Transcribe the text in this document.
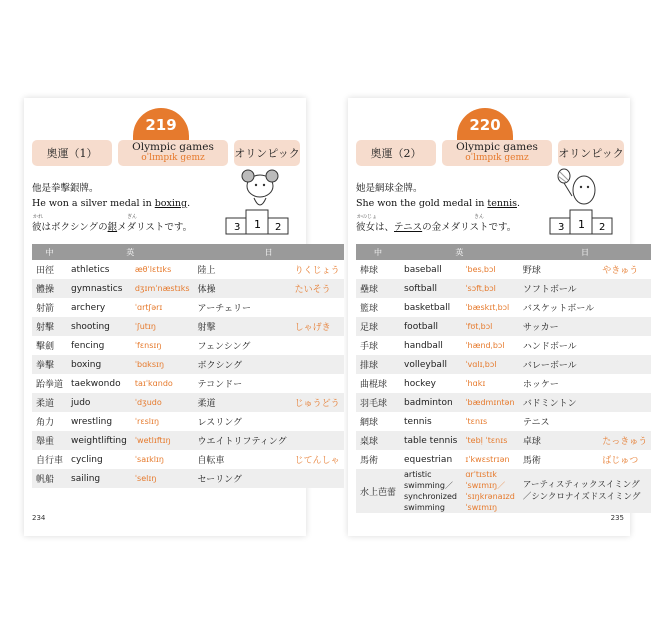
219
奧運（1）	Olympic games
oˈlɪmpɪk gemz	オリンピック
他是拳擊銀牌。
He won a silver medal in boxing.
かれ	ぎん
彼はボクシングの銀メダリストです。	3 1 2
中	英		日	
田徑	athletics	æθˈlɛtɪks	陸上	りくじょう
體操	gymnastics	dʒɪmˈnæstɪks	体操	たいそう
射箭	archery	ˈɑrtʃərɪ	アーチェリー	
射擊	shooting	ˈʃutɪŋ	射撃	しゃげき
擊劍	fencing	ˈfɛnsɪŋ	フェンシング	
拳擊	boxing	ˈbɑksɪŋ	ボクシング	
跆拳道	taekwondo	taɪˈkɑndo	テコンドー	
柔道	judo	ˈdʒudo	柔道	じゅうどう
角力	wrestling	ˈrɛslɪŋ	レスリング	
舉重	weightlifting	ˈwetlɪftɪŋ	ウエイトリフティング	
自行車	cycling	ˈsaɪklɪŋ	自転車	じてんしゃ
帆船	sailing	ˈselɪŋ	セーリング	
234
220
奧運（2）	Olympic games
oˈlɪmpɪk gemz	オリンピック
她是網球金牌。
She won the gold medal in tennis.
かのじょ	きん
彼女は、テニスの金メダリストです。	3 1 2
中	英		日	
棒球	baseball	ˈbesˌbɔl	野球	やきゅう
壘球	softball	ˈsɔftˌbɔl	ソフトボール	
籃球	basketball	ˈbæskɪtˌbɔl	バスケットボール	
足球	football	ˈfʊtˌbɔl	サッカー	
手球	handball	ˈhændˌbɔl	ハンドボール	
排球	volleyball	ˈvɑlɪˌbɔl	バレーボール	
曲棍球	hockey	ˈhɑkɪ	ホッケー	
羽毛球	badminton	ˈbædmɪntən	バドミントン	
網球	tennis	ˈtɛnɪs	テニス	
桌球	table tennis	ˈtebḷ ˈtɛnɪs	卓球	たっきゅう
馬術	equestrian	ɪˈkwɛstrɪən	馬術	ばじゅつ
水上芭蕾	artistic swimming／synchronized swimming	ɑrˈtɪstɪk ˈswɪmɪŋ／ˈsɪŋkrənaɪzd ˈswɪmɪŋ	アーティスティックスイミング／シンクロナイズドスイミング	
235
